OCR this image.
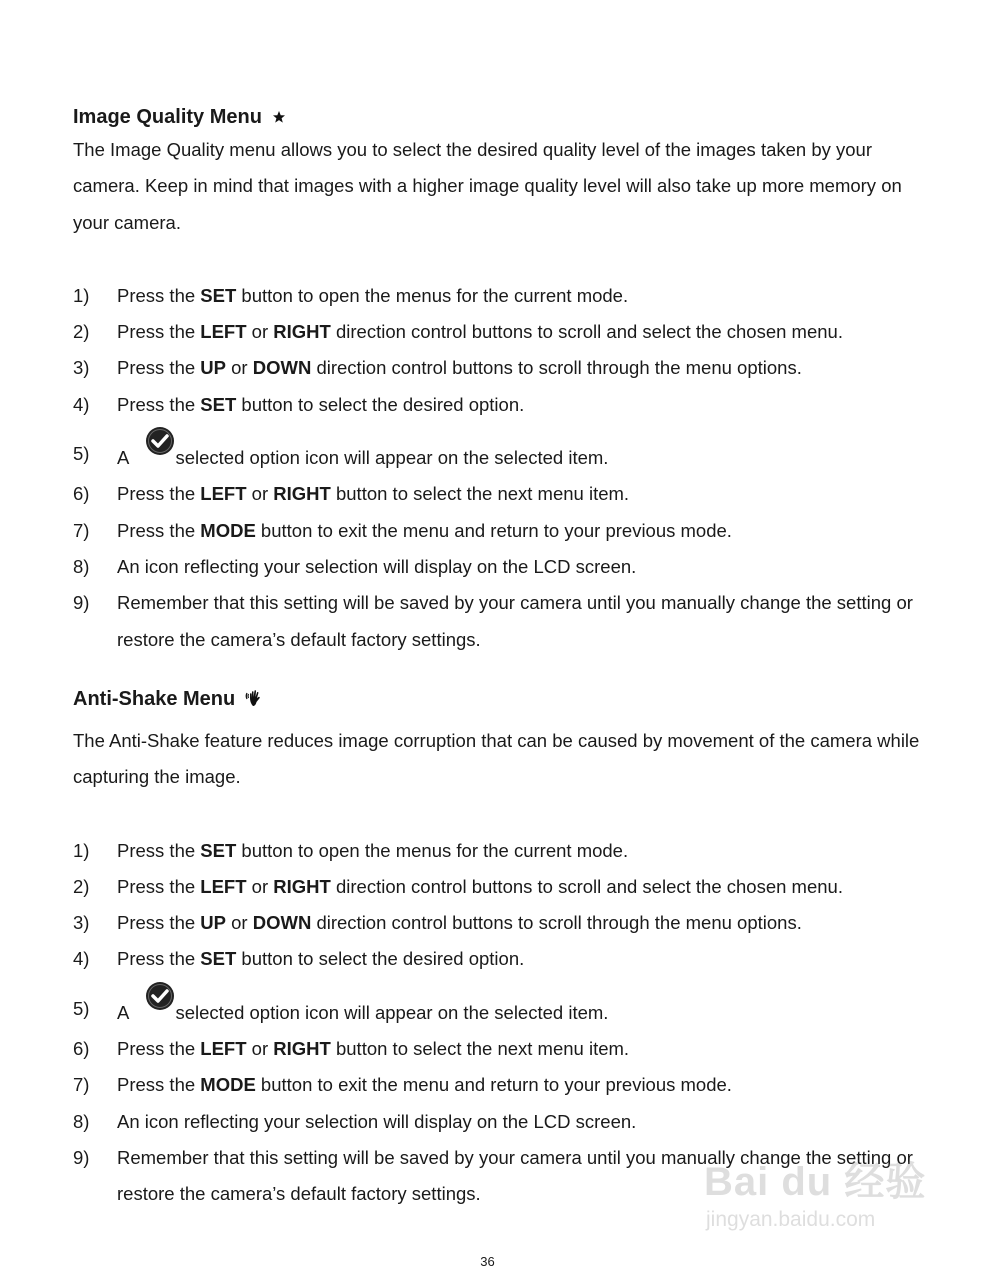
Image Quality Menu

The Image Quality menu allows you to select the desired quality level of the images taken by your camera. Keep in mind that images with a higher image quality level will also take up more memory on your camera.

1) Press the SET button to open the menus for the current mode.
2) Press the LEFT or RIGHT direction control buttons to scroll and select the chosen menu.
3) Press the UP or DOWN direction control buttons to scroll through the menu options.
4) Press the SET button to select the desired option.
5) A selected option icon will appear on the selected item.
6) Press the LEFT or RIGHT button to select the next menu item.
7) Press the MODE button to exit the menu and return to your previous mode.
8) An icon reflecting your selection will display on the LCD screen.
9) Remember that this setting will be saved by your camera until you manually change the setting or restore the camera’s default factory settings.
Anti-Shake Menu

The Anti-Shake feature reduces image corruption that can be caused by movement of the camera while capturing the image.

1) Press the SET button to open the menus for the current mode.
2) Press the LEFT or RIGHT direction control buttons to scroll and select the chosen menu.
3) Press the UP or DOWN direction control buttons to scroll through the menu options.
4) Press the SET button to select the desired option.
5) A selected option icon will appear on the selected item.
6) Press the LEFT or RIGHT button to select the next menu item.
7) Press the MODE button to exit the menu and return to your previous mode.
8) An icon reflecting your selection will display on the LCD screen.
9) Remember that this setting will be saved by your camera until you manually change the setting or restore the camera’s default factory settings.	Bai du 经验
jingyan.baidu.com
36
